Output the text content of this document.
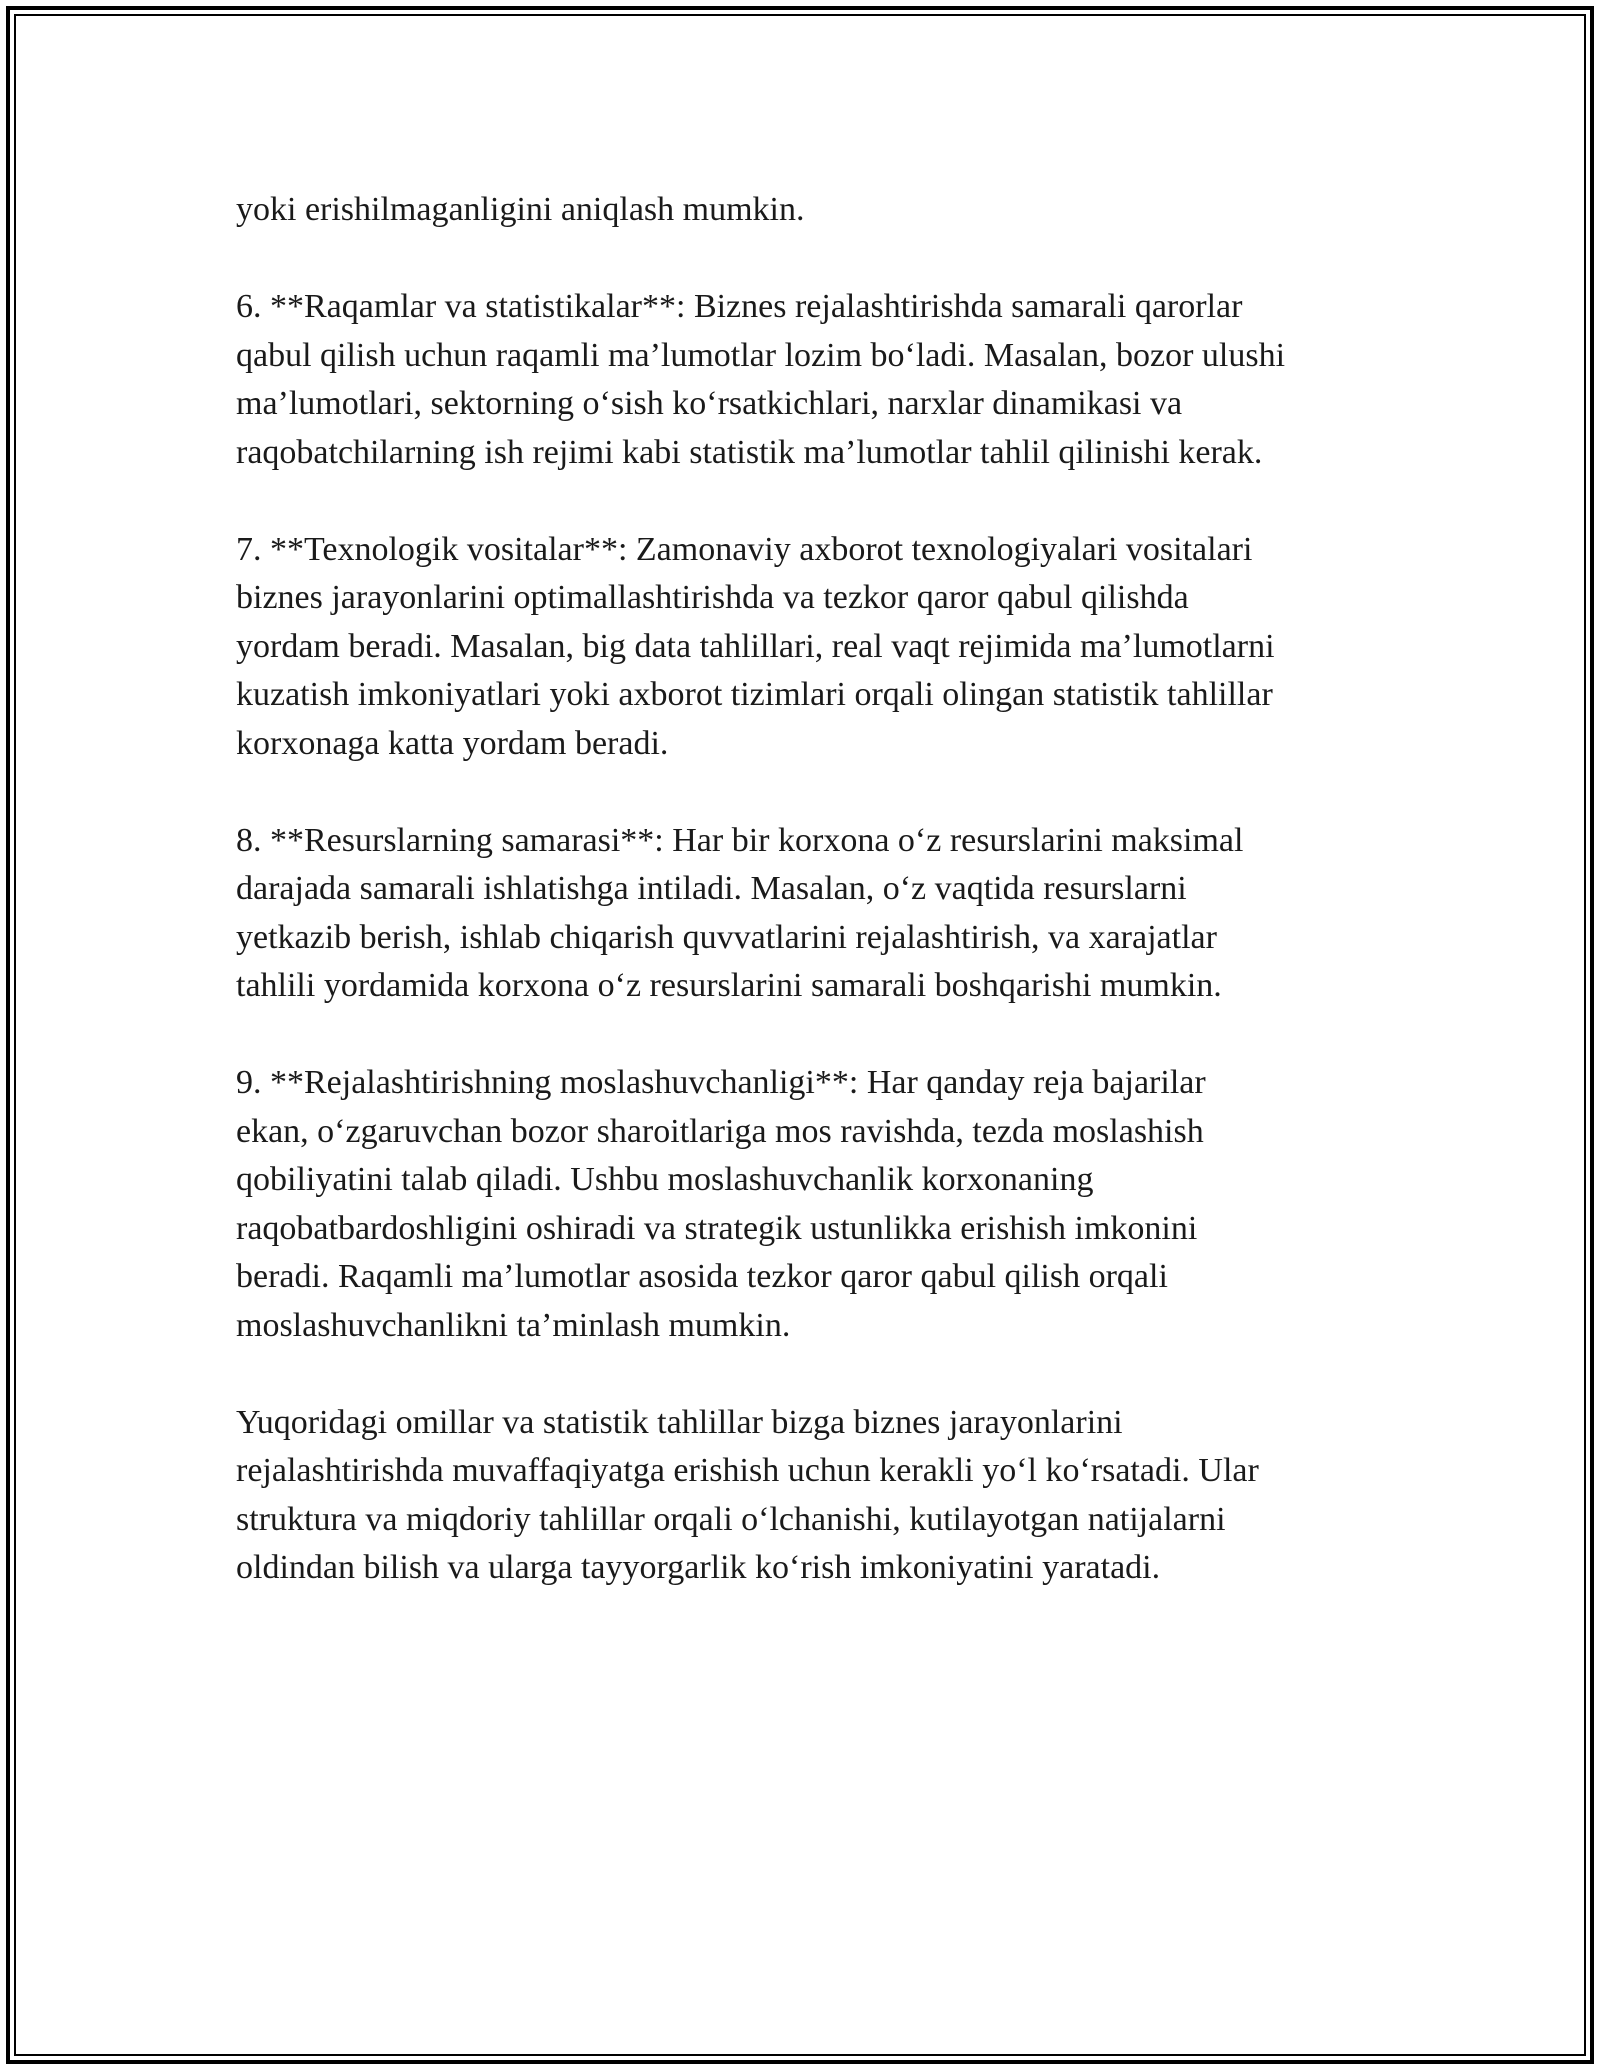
yoki erishilmaganligini aniqlash mumkin.

6. **Raqamlar va statistikalar**: Biznes rejalashtirishda samarali qarorlar
qabul qilish uchun raqamli ma’lumotlar lozim bo‘ladi. Masalan, bozor ulushi
ma’lumotlari, sektorning o‘sish ko‘rsatkichlari, narxlar dinamikasi va
raqobatchilarning ish rejimi kabi statistik ma’lumotlar tahlil qilinishi kerak.

7. **Texnologik vositalar**: Zamonaviy axborot texnologiyalari vositalari
biznes jarayonlarini optimallashtirishda va tezkor qaror qabul qilishda
yordam beradi. Masalan, big data tahlillari, real vaqt rejimida ma’lumotlarni
kuzatish imkoniyatlari yoki axborot tizimlari orqali olingan statistik tahlillar
korxonaga katta yordam beradi.

8. **Resurslarning samarasi**: Har bir korxona o‘z resurslarini maksimal
darajada samarali ishlatishga intiladi. Masalan, o‘z vaqtida resurslarni
yetkazib berish, ishlab chiqarish quvvatlarini rejalashtirish, va xarajatlar
tahlili yordamida korxona o‘z resurslarini samarali boshqarishi mumkin.

9. **Rejalashtirishning moslashuvchanligi**: Har qanday reja bajarilar
ekan, o‘zgaruvchan bozor sharoitlariga mos ravishda, tezda moslashish
qobiliyatini talab qiladi. Ushbu moslashuvchanlik korxonaning
raqobatbardoshligini oshiradi va strategik ustunlikka erishish imkonini
beradi. Raqamli ma’lumotlar asosida tezkor qaror qabul qilish orqali
moslashuvchanlikni ta’minlash mumkin.

Yuqoridagi omillar va statistik tahlillar bizga biznes jarayonlarini
rejalashtirishda muvaffaqiyatga erishish uchun kerakli yo‘l ko‘rsatadi. Ular
struktura va miqdoriy tahlillar orqali o‘lchanishi, kutilayotgan natijalarni
oldindan bilish va ularga tayyorgarlik ko‘rish imkoniyatini yaratadi.
